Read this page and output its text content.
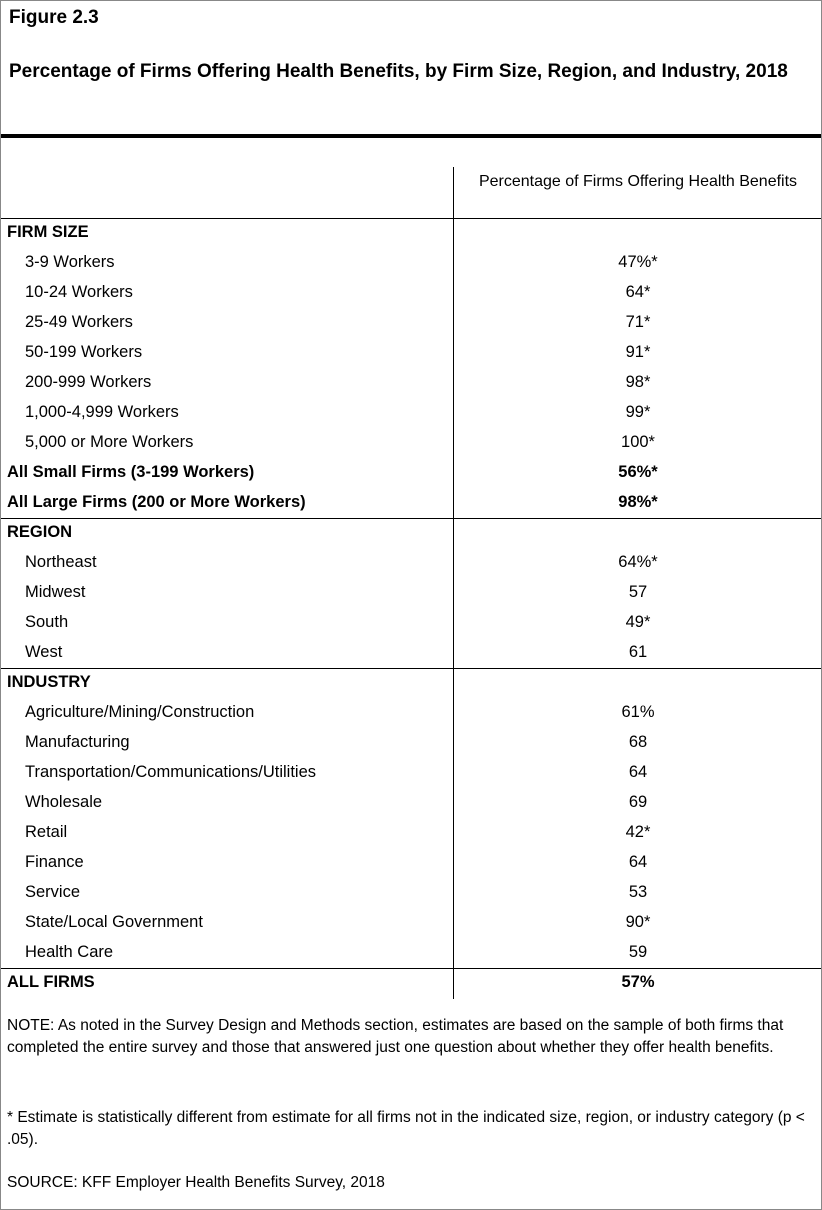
Figure 2.3
Percentage of Firms Offering Health Benefits, by Firm Size, Region, and Industry, 2018
Percentage of Firms Offering Health Benefits
FIRM SIZE
3-9 Workers	47%*
10-24 Workers	64*
25-49 Workers	71*
50-199 Workers	91*
200-999 Workers	98*
1,000-4,999 Workers	99*
5,000 or More Workers	100*
All Small Firms (3-199 Workers)	56%*
All Large Firms (200 or More Workers)	98%*
REGION
Northeast	64%*
Midwest	57
South	49*
West	61
INDUSTRY
Agriculture/Mining/Construction	61%
Manufacturing	68
Transportation/Communications/Utilities	64
Wholesale	69
Retail	42*
Finance	64
Service	53
State/Local Government	90*
Health Care	59
ALL FIRMS	57%
NOTE: As noted in the Survey Design and Methods section, estimates are based on the sample of both firms that completed the entire survey and those that answered just one question about whether they offer health benefits.
* Estimate is statistically different from estimate for all firms not in the indicated size, region, or industry category (p < .05).
SOURCE: KFF Employer Health Benefits Survey, 2018
